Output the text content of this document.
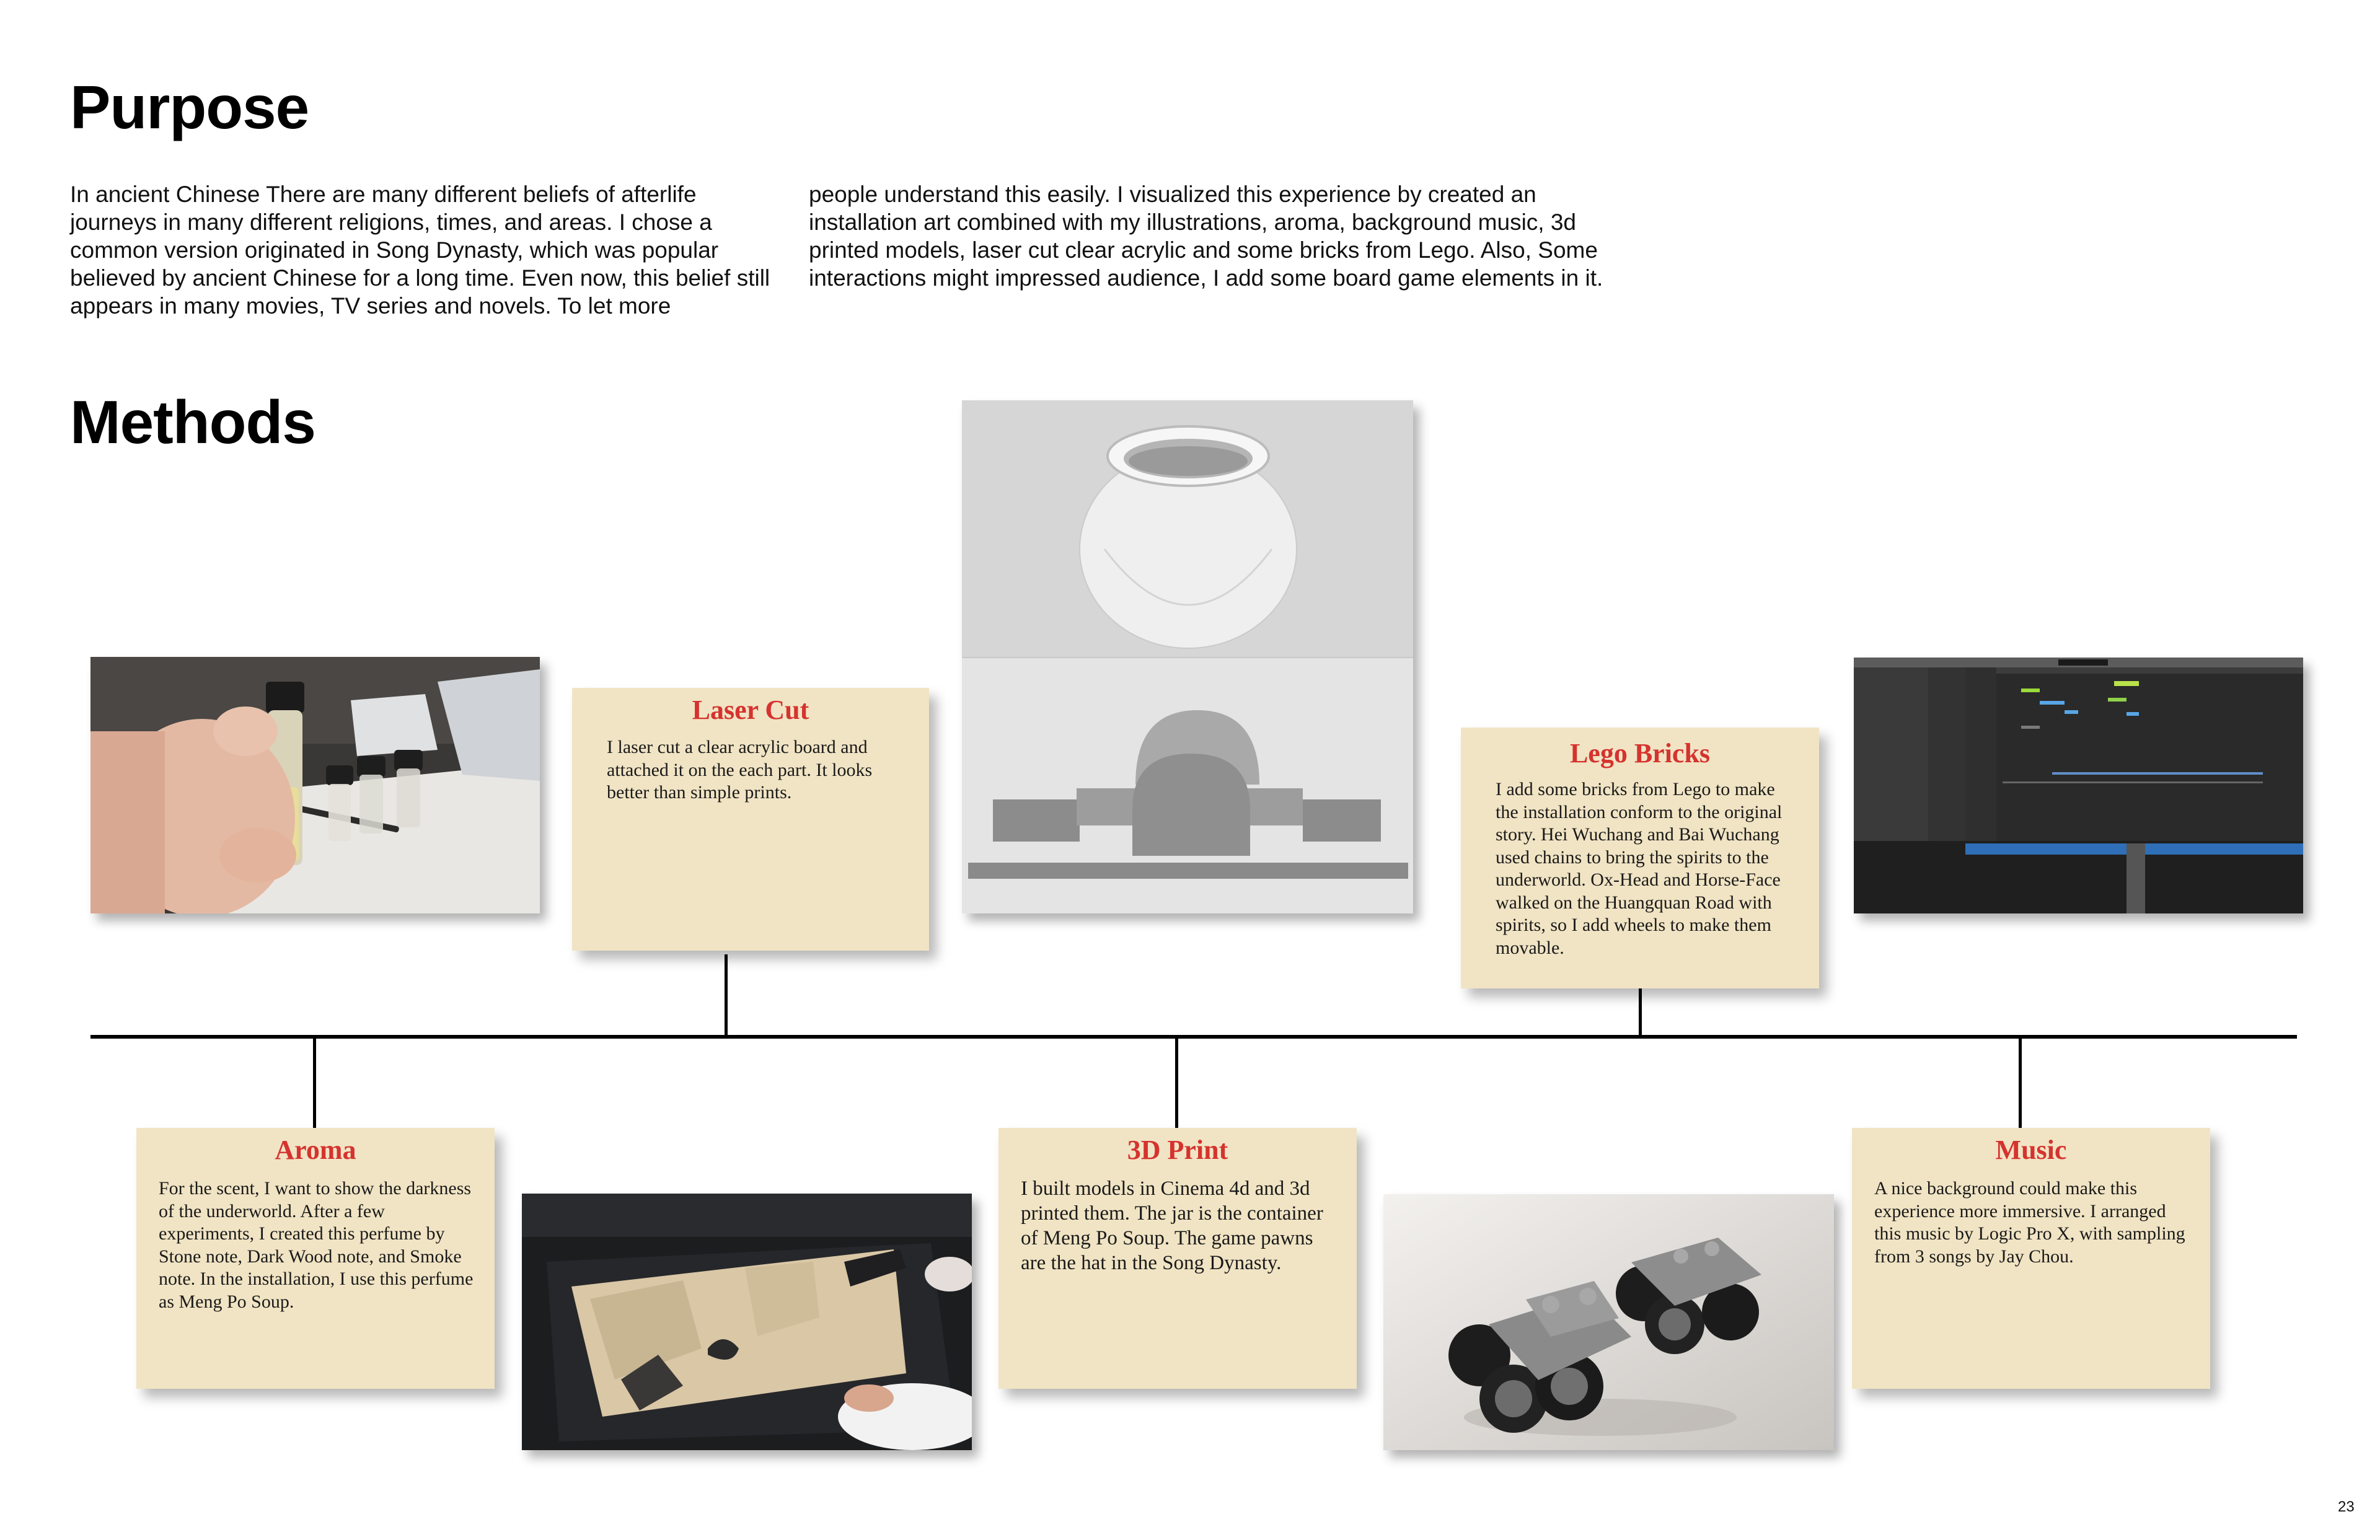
Purpose

In ancient Chinese There are many different beliefs of afterlife journeys in many different religions, times, and areas. I chose a common version originated in Song Dynasty, which was popular believed by ancient Chinese for a long time. Even now, this belief still appears in many movies, TV series and novels. To let more

people understand this easily. I visualized this experience by created an installation art combined with my illustrations, aroma, background music, 3d printed models, laser cut clear acrylic and some bricks from Lego. Also, Some interactions might impressed audience, I add some board game elements in it.

Methods
Laser Cut
I laser cut a clear acrylic board and attached it on the each part. It looks better than simple prints.
Lego Bricks
I add some bricks from Lego to make the installation conform to the original story. Hei Wuchang and Bai Wuchang used chains to bring the spirits to the underworld. Ox-Head and Horse-Face walked on the Huangquan Road with spirits, so I add wheels to make them movable.
Aroma
For the scent, I want to show the darkness of the underworld. After a few experiments, I created this perfume by Stone note, Dark Wood note, and Smoke note. In the installation, I use this perfume as Meng Po Soup.
3D Print
I built models in Cinema 4d and 3d printed them. The jar is the container of Meng Po Soup. The game pawns are the hat in the Song Dynasty.
Music
A nice background could make this experience more immersive. I arranged this music by Logic Pro X, with sampling from 3 songs by Jay Chou.
23
